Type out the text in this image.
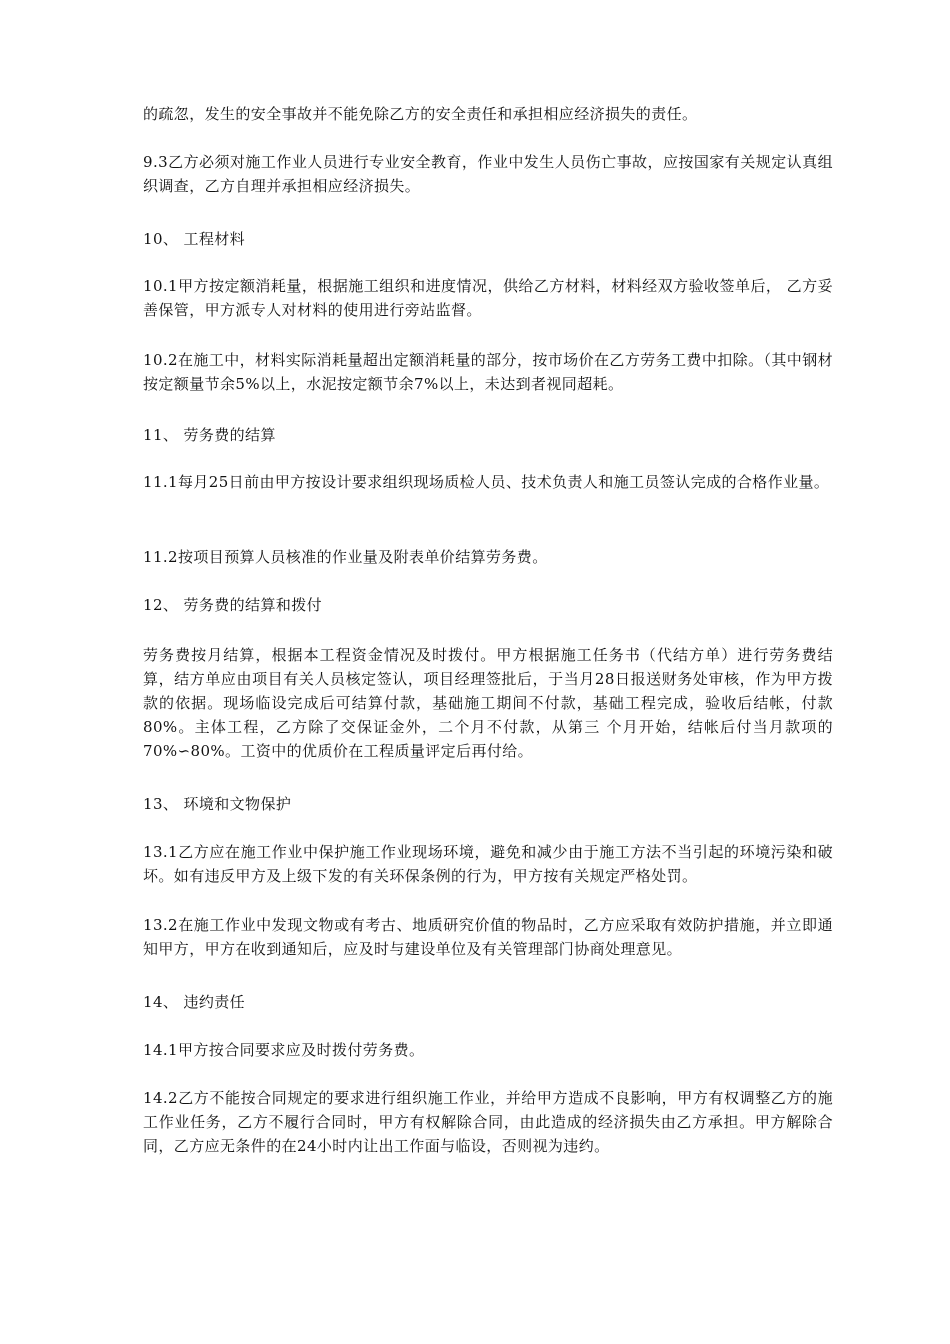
的疏忽，发生的安全事故并不能免除乙方的安全责任和承担相应经济损失的责任。

9.3乙方必须对施工作业人员进行专业安全教育，作业中发生人员伤亡事故，应按国家有关规定认真组织调查，乙方自理并承担相应经济损失。

10、 工程材料

10.1甲方按定额消耗量，根据施工组织和进度情况，供给乙方材料，材料经双方验收签单后， 乙方妥善保管，甲方派专人对材料的使用进行旁站监督。

10.2在施工中，材料实际消耗量超出定额消耗量的部分，按市场价在乙方劳务工费中扣除。（其中钢材按定额量节余5%以上，水泥按定额节余7%以上，未达到者视同超耗。

11、 劳务费的结算

11.1每月25日前由甲方按设计要求组织现场质检人员、技术负责人和施工员签认完成的合格作业量。

11.2按项目预算人员核准的作业量及附表单价结算劳务费。

12、 劳务费的结算和拨付

劳务费按月结算，根据本工程资金情况及时拨付。甲方根据施工任务书（代结方单）进行劳务费结算，结方单应由项目有关人员核定签认，项目经理签批后，于当月28日报送财务处审核，作为甲方拨款的依据。现场临设完成后可结算付款，基础施工期间不付款，基础工程完成，验收后结帐，付款80%。主体工程，乙方除了交保证金外，二个月不付款，从第三 个月开始，结帐后付当月款项的70%∽80%。工资中的优质价在工程质量评定后再付给。

13、 环境和文物保护

13.1乙方应在施工作业中保护施工作业现场环境，避免和减少由于施工方法不当引起的环境污染和破坏。如有违反甲方及上级下发的有关环保条例的行为，甲方按有关规定严格处罚。

13.2在施工作业中发现文物或有考古、地质研究价值的物品时，乙方应采取有效防护措施，并立即通知甲方，甲方在收到通知后，应及时与建设单位及有关管理部门协商处理意见。

14、 违约责任

14.1甲方按合同要求应及时拨付劳务费。

14.2乙方不能按合同规定的要求进行组织施工作业，并给甲方造成不良影响，甲方有权调整乙方的施工作业任务，乙方不履行合同时，甲方有权解除合同，由此造成的经济损失由乙方承担。甲方解除合同，乙方应无条件的在24小时内让出工作面与临设，否则视为违约。
